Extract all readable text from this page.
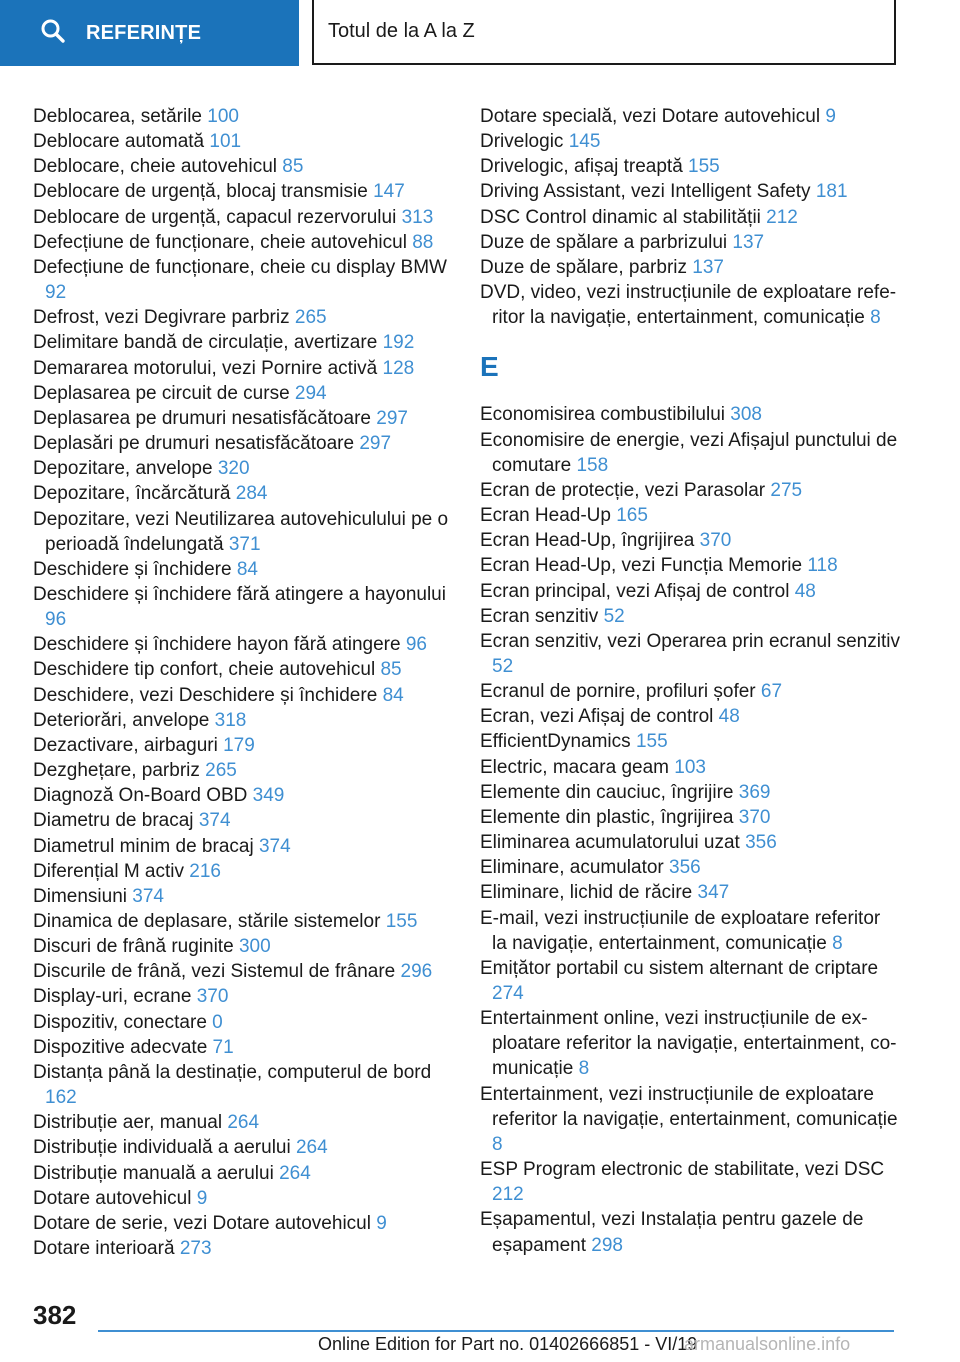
REFERINȚE	Totul de la A la Z
Deblocarea, setările 100
Deblocare automată 101
Deblocare, cheie autovehicul 85
Deblocare de urgență, blocaj transmisie 147
Deblocare de urgență, capacul rezervorului 313
Defecțiune de funcționare, cheie autovehicul 88
Defecțiune de funcționare, cheie cu display BMW 92
Defrost, vezi Degivrare parbriz 265
Delimitare bandă de circulație, avertizare 192
Demararea motorului, vezi Pornire activă 128
Deplasarea pe circuit de curse 294
Deplasarea pe drumuri nesatisfăcătoare 297
Deplasări pe drumuri nesatisfăcătoare 297
Depozitare, anvelope 320
Depozitare, încărcătură 284
Depozitare, vezi Neutilizarea autovehiculului pe o perioadă îndelungată 371
Deschidere și închidere 84
Deschidere și închidere fără atingere a hayonului 96
Deschidere și închidere hayon fără atingere 96
Deschidere tip confort, cheie autovehicul 85
Deschidere, vezi Deschidere și închidere 84
Deteriorări, anvelope 318
Dezactivare, airbaguri 179
Dezghețare, parbriz 265
Diagnoză On-Board OBD 349
Diametru de bracaj 374
Diametrul minim de bracaj 374
Diferențial M activ 216
Dimensiuni 374
Dinamica de deplasare, stările sistemelor 155
Discuri de frână ruginite 300
Discurile de frână, vezi Sistemul de frânare 296
Display-uri, ecrane 370
Dispozitiv, conectare 0
Dispozitive adecvate 71
Distanța până la destinație, computerul de bord 162
Distribuție aer, manual 264
Distribuție individuală a aerului 264
Distribuție manuală a aerului 264
Dotare autovehicul 9
Dotare de serie, vezi Dotare autovehicul 9
Dotare interioară 273
Dotare specială, vezi Dotare autovehicul 9
Drivelogic 145
Drivelogic, afișaj treaptă 155
Driving Assistant, vezi Intelligent Safety 181
DSC Control dinamic al stabilității 212
Duze de spălare a parbrizului 137
Duze de spălare, parbriz 137
DVD, video, vezi instrucțiunile de exploatare referitor la navigație, entertainment, comunicație 8
E
Economisirea combustibilului 308
Economisire de energie, vezi Afișajul punctului de comutare 158
Ecran de protecție, vezi Parasolar 275
Ecran Head-Up 165
Ecran Head-Up, îngrijirea 370
Ecran Head-Up, vezi Funcția Memorie 118
Ecran principal, vezi Afișaj de control 48
Ecran senzitiv 52
Ecran senzitiv, vezi Operarea prin ecranul senzitiv 52
Ecranul de pornire, profiluri șofer 67
Ecran, vezi Afișaj de control 48
EfficientDynamics 155
Electric, macara geam 103
Elemente din cauciuc, îngrijire 369
Elemente din plastic, îngrijirea 370
Eliminarea acumulatorului uzat 356
Eliminare, acumulator 356
Eliminare, lichid de răcire 347
E-mail, vezi instrucțiunile de exploatare referitor la navigație, entertainment, comunicație 8
Emițător portabil cu sistem alternant de criptare 274
Entertainment online, vezi instrucțiunile de exploatare referitor la navigație, entertainment, comunicație 8
Entertainment, vezi instrucțiunile de exploatare referitor la navigație, entertainment, comunicație 8
ESP Program electronic de stabilitate, vezi DSC 212
Eșapamentul, vezi Instalația pentru gazele de eșapament 298
382
Online Edition for Part no. 01402666851 - VI/19
armanualsonline.info
